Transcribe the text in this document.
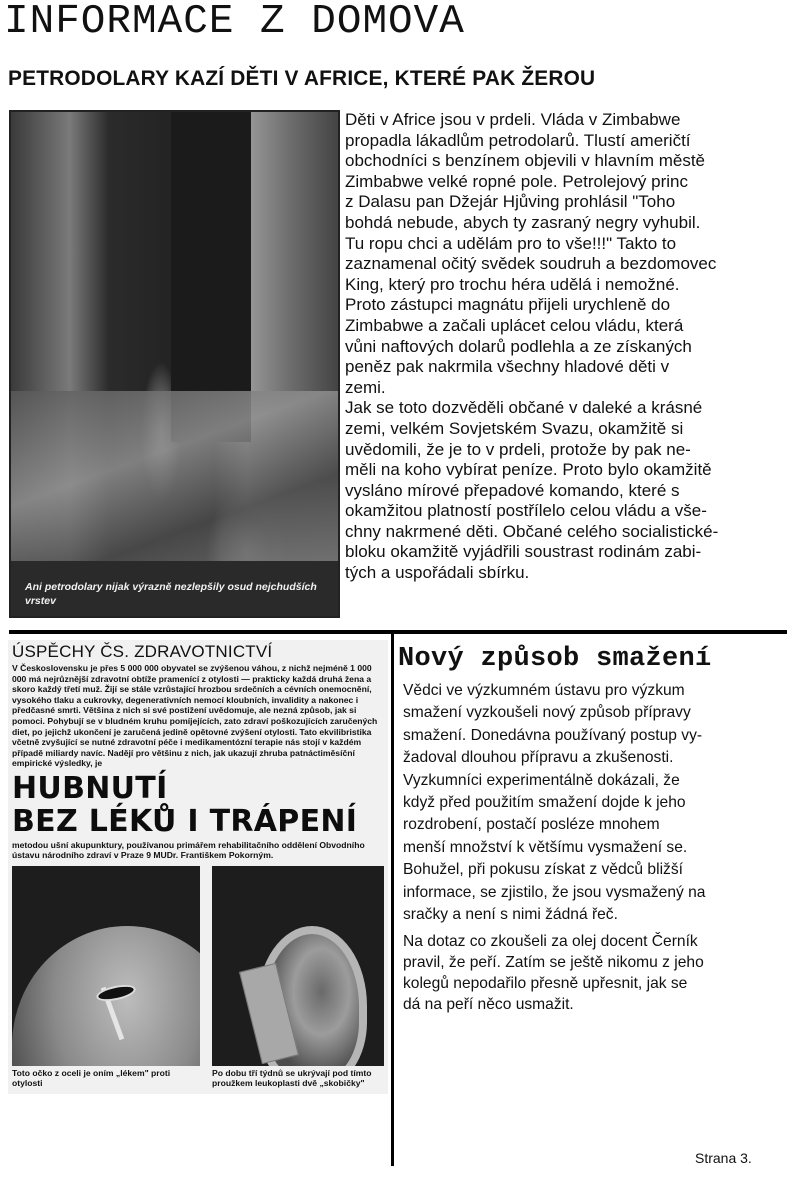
INFORMACE Z DOMOVA
PETRODOLARY KAZÍ DĚTI V AFRICE, KTERÉ PAK ŽEROU
Ani petrodolary nijak výrazně nezlepšily osud nejchudších vrstev
Děti v Africe jsou v prdeli. Vláda v Zimbabwe
propadla lákadlům petrodolarů. Tlustí američtí
obchodníci s benzínem objevili v hlavním městě
Zimbabwe velké ropné pole. Petrolejový princ
z Dalasu pan Džejár Hjůving prohlásil "Toho
bohdá nebude, abych ty zasraný negry vyhubil.
Tu ropu chci a udělám pro to vše!!!" Takto to
zaznamenal očitý svědek soudruh a bezdomovec
King, který pro trochu héra udělá i nemožné.
Proto zástupci magnátu přijeli urychleně do
Zimbabwe a začali uplácet celou vládu, která
vůni naftových dolarů podlehla a ze získaných
peněz pak nakrmila všechny hladové děti v
zemi.
Jak se toto dozvěděli občané v daleké a krásné
zemi, velkém Sovjetském Svazu, okamžitě si
uvědomili, že je to v prdeli, protože by pak ne-
měli na koho vybírat peníze. Proto bylo okamžitě
vysláno mírové přepadové komando, které s
okamžitou platností postřílelo celou vládu a vše-
chny nakrmené děti. Občané celého socialistické-
bloku okamžitě vyjádřili soustrast rodinám zabi-
tých a uspořádali sbírku.
ÚSPĚCHY ČS. ZDRAVOTNICTVÍ
V Československu je přes 5 000 000 obyvatel se zvýšenou váhou, z nichž nejméně 1 000 000 má nejrůznější zdravotní obtíže pramenící z otylosti — prakticky každá druhá žena a skoro každý třetí muž. Žijí se stále vzrůstající hrozbou srdečních a cévních onemocnění, vysokého tlaku a cukrovky, degenerativních nemocí kloubních, invalidity a nakonec i předčasné smrti. Většina z nich si své postižení uvědomuje, ale nezná způsob, jak si pomoci. Pohybují se v bludném kruhu pomíjejících, zato zdraví poškozujících zaručených diet, po jejichž ukončení je zaručená jedině opětovné zvýšení otylosti. Tato ekvilibristika včetně zvyšující se nutné zdravotní péče i medikamentózní terapie nás stojí v každém případě miliardy navíc. Nadějí pro většinu z nich, jak ukazují zhruba patnáctiměsíční empirické výsledky, je
HUBNUTÍ
BEZ LÉKŮ I TRÁPENÍ
metodou ušní akupunktury, používanou primářem rehabilitačního oddělení Obvodního ústavu národního zdraví v Praze 9 MUDr. Františkem Pokorným.
Toto očko z oceli je oním „lékem" proti otylosti
Po dobu tří týdnů se ukrývají pod tímto proužkem leukoplasti dvě „skobičky"
Nový způsob smažení

Vědci ve výzkumném ústavu pro výzkum
smažení vyzkoušeli nový způsob přípravy
smažení. Donedávna používaný postup vy-
žadoval dlouhou přípravu a zkušenosti.
Vyzkumníci experimentálně dokázali, že
když před použitím smažení dojde k jeho
rozdrobení, postačí posléze mnohem
menší množství k většímu vysmažení se.
Bohužel, při pokusu získat z vědců bližší
informace, se zjistilo, že jsou vysmažený na
sračky a není s nimi žádná řeč.

Na dotaz co zkoušeli za olej docent Černík
pravil, že peří. Zatím se ještě nikomu z jeho
kolegů nepodařilo přesně upřesnit, jak se
dá na peří něco usmažit.

Strana 3.
